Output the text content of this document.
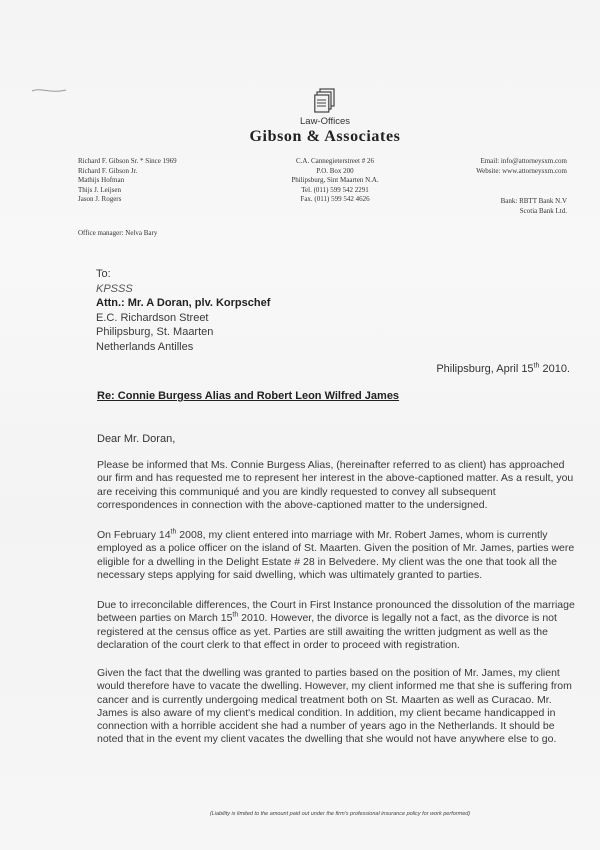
Law-Offices
Gibson & Associates
Richard F. Gibson Sr. * Since 1969
Richard F. Gibson Jr.
Mathijs Hofman
Thijs J. Leijsen
Jason J. Rogers
C.A. Cannegieterstreet # 26
P.O. Box 200
Philipsburg, Sint Maarten N.A.
Tel. (011) 599 542 2291
Fax. (011) 599 542 4626
Email: info@attorneysxm.com
Website: www.attorneysxm.com
Bank: RBTT Bank N.V
Scotia Bank Ltd.
Office manager: Nelva Bary
To:
KPSSS
Attn.: Mr. A Doran, plv. Korpschef
E.C. Richardson Street
Philipsburg, St. Maarten
Netherlands Antilles
Philipsburg, April 15th 2010.
Re: Connie Burgess Alias and Robert Leon Wilfred James
Dear Mr. Doran,
Please be informed that Ms. Connie Burgess Alias, (hereinafter referred to as client) has approached our firm and has requested me to represent her interest in the above-captioned matter. As a result, you are receiving this communiqué and you are kindly requested to convey all subsequent correspondences in connection with the above-captioned matter to the undersigned.
On February 14th 2008, my client entered into marriage with Mr. Robert James, whom is currently employed as a police officer on the island of St. Maarten. Given the position of Mr. James, parties were eligible for a dwelling in the Delight Estate # 28 in Belvedere. My client was the one that took all the necessary steps applying for said dwelling, which was ultimately granted to parties.
Due to irreconcilable differences, the Court in First Instance pronounced the dissolution of the marriage between parties on March 15th 2010. However, the divorce is legally not a fact, as the divorce is not registered at the census office as yet. Parties are still awaiting the written judgment as well as the declaration of the court clerk to that effect in order to proceed with registration.
Given the fact that the dwelling was granted to parties based on the position of Mr. James, my client would therefore have to vacate the dwelling. However, my client informed me that she is suffering from cancer and is currently undergoing medical treatment both on St. Maarten as well as Curacao. Mr. James is also aware of my client's medical condition. In addition, my client became handicapped in connection with a horrible accident she had a number of years ago in the Netherlands. It should be noted that in the event my client vacates the dwelling that she would not have anywhere else to go.
(Liability is limited to the amount paid out under the firm's professional insurance policy for work performed)
